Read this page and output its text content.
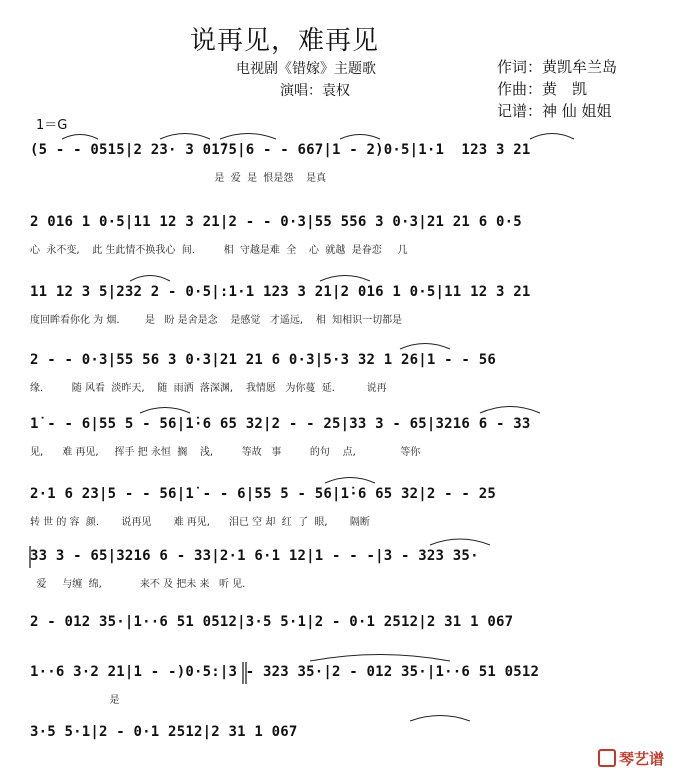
说再见，难再见
电视剧《错嫁》主题歌
演唱：袁权
作词：黄凯牟兰岛
作曲：黄　凯
记谱：神 仙 姐姐
1＝G
(5 - - 0515|2 23· 3 01̇75|6 - - 667|1 - 2)0·5|1·1  123 3 21
是  爱  是  恨是怨    是真
2 016 1 0·5|11 12 3 21|2 - - 0·3|55 556 3 0·3|21 21 6 0·5
心  永不变,    此 生此情不换我心  间.         相  守越是难  全    心  就越  是眷恋     几
11 12 3 5|232 2 - 0·5|:1·1 123 3 21|2 016 1 0·5|11 12 3 21
度回眸看你化 为 烟.        是   盼 是舍是念    是感觉   才遥远,    相  知相识一切都是
2 - - 0·3|55 56 3 0·3|21 21 6 0·3|5·3 32 1 26|1 - - 56
缘.         随 风看  淡昨天,    随  雨洒  落深渊,    我情愿   为你蔓  延.          说再
1̇ - - 6|55 5 - 56|1̇·6 65 32|2 - - 25|33 3 - 65|3216 6 - 33
见,      难 再见,     挥手 把 永恒  搁    浅,         等故   事         的句    点,              等你
2·1 6 23|5 - - 56|1̇ - - 6|55 5 - 56|1̇·6 65 32|2 - - 25
转 世 的 容  颜.       说再见       难 再见,      泪已 空 却  红  了  眼,       隔断
33 3 - 65|3216 6 - 33|2·1 6·1 12|1 - - -|3 - 323 35·
爱     与缠  绵,            来不 及 把未 来   听 见.
2 - 012 35·|1··6 51 0512|3·5 5·1|2 - 0·1 2512|2 31 1 067
1··6 3·2 21|1 - -)0·5:|3 - 323 35·|2 - 012 35·|1··6 51 0512
是
3·5 5·1|2 - 0·1 2512|2 31 1 067
琴艺谱
